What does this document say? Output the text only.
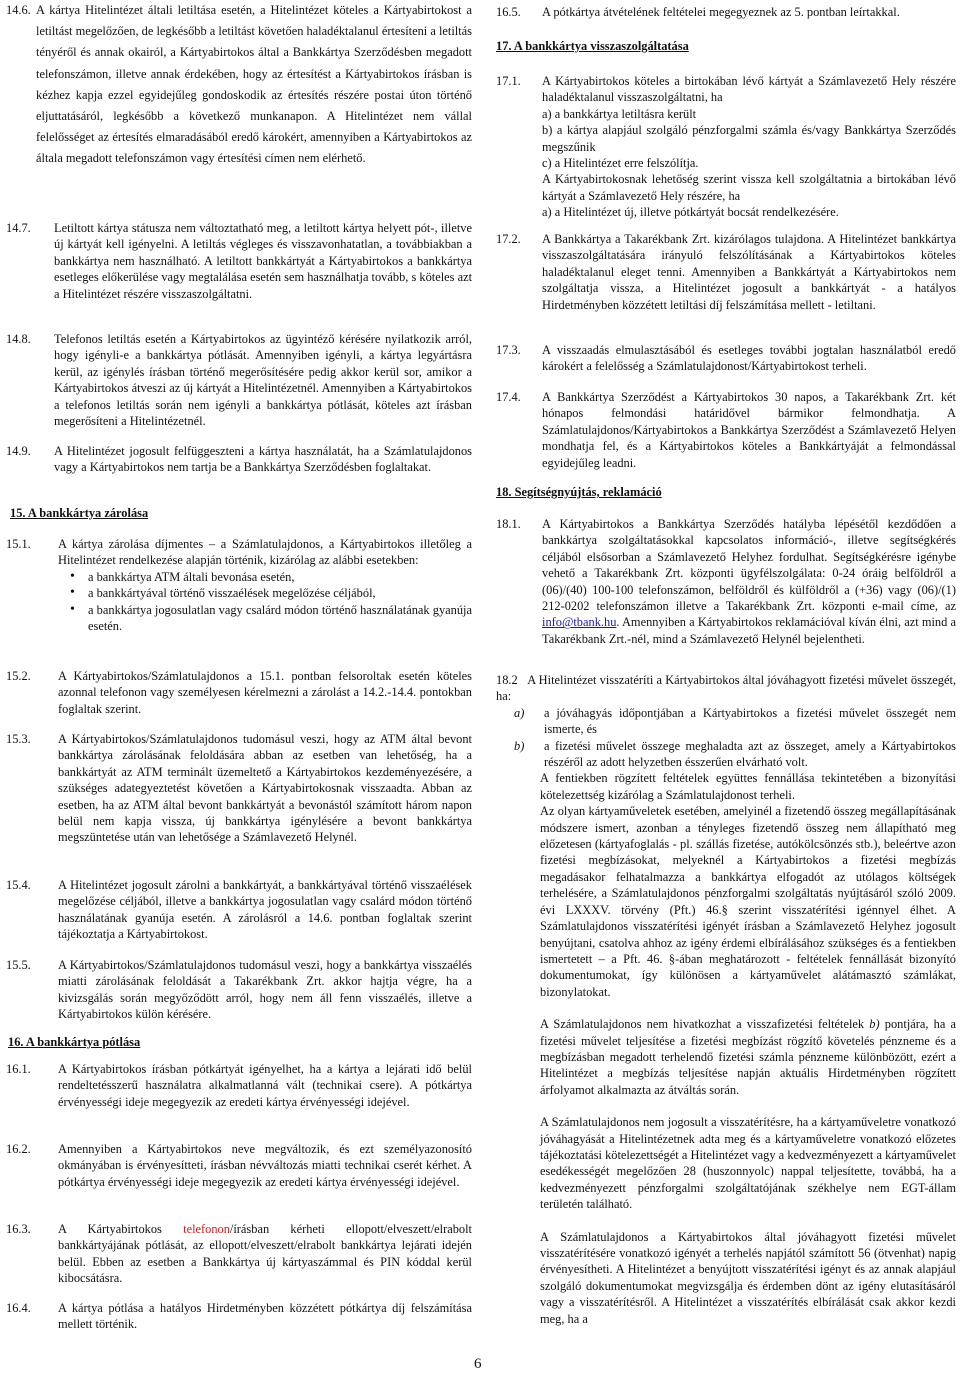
14.6. A kártya Hitelintézet általi letiltása esetén, a Hitelintézet köteles a Kártyabirtokost a letiltást megelőzően, de legkésőbb a letiltást követően haladéktalanul értesíteni a letiltás tényéről és annak okairól, a Kártyabirtokos által a Bankkártya Szerződésben megadott telefonszámon, illetve annak érdekében, hogy az értesítést a Kártyabirtokos írásban is kézhez kapja ezzel egyidejűleg gondoskodik az értesítés részére postai úton történő eljuttatásáról, legkésőbb a következő munkanapon. A Hitelintézet nem vállal felelősséget az értesítés elmaradásából eredő károkért, amennyiben a Kártyabirtokos az általa megadott telefonszámon vagy értesítési címen nem elérhető.
14.7.	Letiltott kártya státusza nem változtatható meg, a letiltott kártya helyett pót-, illetve új kártyát kell igényelni. A letiltás végleges és visszavonhatatlan, a továbbiakban a bankkártya nem használható. A letiltott bankkártyát a Kártyabirtokos a bankkártya esetleges előkerülése vagy megtalálása esetén sem használhatja tovább, s köteles azt a Hitelintézet részére visszaszolgáltatni.
14.8.	Telefonos letiltás esetén a Kártyabirtokos az ügyintéző kérésére nyilatkozik arról, hogy igényli-e a bankkártya pótlását. Amennyiben igényli, a kártya legyártásra kerül, az igénylés írásban történő megerősítésére pedig akkor kerül sor, amikor a Kártyabirtokos átveszi az új kártyát a Hitelintézetnél. Amennyiben a Kártyabirtokos a telefonos letiltás során nem igényli a bankkártya pótlását, köteles azt írásban megerősíteni a Hitelintézetnél.
14.9.	A Hitelintézet jogosult felfüggeszteni a kártya használatát, ha a Számlatulajdonos vagy a Kártyabirtokos nem tartja be a Bankkártya Szerződésben foglaltakat.
15. A bankkártya zárolása
15.1.	A kártya zárolása díjmentes – a Számlatulajdonos, a Kártyabirtokos illetőleg a Hitelintézet rendelkezése alapján történik, kizárólag az alábbi esetekben:
• a bankkártya ATM általi bevonása esetén,
• a bankkártyával történő visszaélések megelőzése céljából,
• a bankkártya jogosulatlan vagy csalárd módon történő használatának gyanúja esetén.
15.2.	A Kártyabirtokos/Számlatulajdonos a 15.1. pontban felsoroltak esetén köteles azonnal telefonon vagy személyesen kérelmezni a zárolást a 14.2.-14.4. pontokban foglaltak szerint.
15.3.	A Kártyabirtokos/Számlatulajdonos tudomásul veszi, hogy az ATM által bevont bankkártya zárolásának feloldására abban az esetben van lehetőség, ha a bankkártyát az ATM terminált üzemeltető a Kártyabirtokos kezdeményezésére, a szükséges adategyeztetést követően a Kártyabirtokosnak visszaadta. Abban az esetben, ha az ATM által bevont bankkártyát a bevonástól számított három napon belül nem kapja vissza, új bankkártya igénylésére a bevont bankkártya megszüntetése után van lehetősége a Számlavezető Helynél.
15.4.	A Hitelintézet jogosult zárolni a bankkártyát, a bankkártyával történő visszaélések megelőzése céljából, illetve a bankkártya jogosulatlan vagy csalárd módon történő használatának gyanúja esetén. A zárolásról a 14.6. pontban foglaltak szerint tájékoztatja a Kártyabirtokost.
15.5.	A Kártyabirtokos/Számlatulajdonos tudomásul veszi, hogy a bankkártya visszaélés miatti zárolásának feloldását a Takarékbank Zrt. akkor hajtja végre, ha a kivizsgálás során megyőződött arról, hogy nem áll fenn visszaélés, illetve a Kártyabirtokos külön kérésére.
16. A bankkártya pótlása
16.1.	A Kártyabirtokos írásban pótkártyát igényelhet, ha a kártya a lejárati idő belül rendeltetésszerű használatra alkalmatlanná vált (technikai csere). A pótkártya érvényességi ideje megegyezik az eredeti kártya érvényességi idejével.
16.2.	Amennyiben a Kártyabirtokos neve megváltozik, és ezt személyazonosító okmányában is érvényesítteti, írásban névváltozás miatti technikai cserét kérhet. A pótkártya érvényességi ideje megegyezik az eredeti kártya érvényességi idejével.
16.3.	A Kártyabirtokos telefonon/írásban kérheti ellopott/elveszett/elrabolt bankkártyájának pótlását, az ellopott/elveszett/elrabolt bankkártya lejárati idején belül. Ebben az esetben a Bankkártya új kártyaszámmal és PIN kóddal kerül kibocsátásra.
16.4.	A kártya pótlása a hatályos Hirdetményben közzétett pótkártya díj felszámítása mellett történik.
16.5.	A pótkártya átvételének feltételei megegyeznek az 5. pontban leírtakkal.
17. A bankkártya visszaszolgáltatása
17.1.	A Kártyabirtokos köteles a birtokában lévő kártyát a Számlavezető Hely részére haladéktalanul visszaszolgáltatni, ha
a) a bankkártya letiltásra került
b) a kártya alapjául szolgáló pénzforgalmi számla és/vagy Bankkártya Szerződés megszűnik
c) a Hitelintézet erre felszólítja.
A Kártyabirtokosnak lehetőség szerint vissza kell szolgáltatnia a birtokában lévő kártyát a Számlavezető Hely részére, ha
a) a Hitelintézet új, illetve pótkártyát bocsát rendelkezésére.
17.2.	A Bankkártya a Takarékbank Zrt. kizárólagos tulajdona. A Hitelintézet bankkártya visszaszolgáltatására irányuló felszólításának a Kártyabirtokos köteles haladéktalanul eleget tenni. Amennyiben a Bankkártyát a Kártyabirtokos nem szolgáltatja vissza, a Hitelintézet jogosult a bankkártyát - a hatályos Hirdetményben közzétett letiltási díj felszámítása mellett - letiltani.
17.3.	A visszaadás elmulasztásából és esetleges további jogtalan használatból eredő károkért a felelősség a Számlatulajdonost/Kártyabirtokost terheli.
17.4.	A Bankkártya Szerződést a Kártyabirtokos 30 napos, a Takarékbank Zrt. két hónapos felmondási határidővel bármikor felmondhatja. A Számlatulajdonos/Kártyabirtokos a Bankkártya Szerződést a Számlavezető Helyen mondhatja fel, és a Kártyabirtokos köteles a Bankkártyáját a felmondással egyidejűleg leadni.
18. Segítségnyújtás, reklamáció
18.1.	A Kártyabirtokos a Bankkártya Szerződés hatályba lépésétől kezdődően a bankkártya szolgáltatásokkal kapcsolatos információ-, illetve segítségkérés céljából elsősorban a Számlavezető Helyhez fordulhat. Segítségkérésre igénybe vehető a Takarékbank Zrt. központi ügyfélszolgálata: 0-24 óráig belföldről a (06)/(40) 100-100 telefonszámon, belföldről és külföldről a (+36) vagy (06)/(1) 212-0202 telefonszámon illetve a Takarékbank Zrt. központi e-mail címe, az info@tbank.hu. Amennyiben a Kártyabirtokos reklamációval kíván élni, azt mind a Takarékbank Zrt.-nél, mind a Számlavezető Helynél bejelentheti.
18.2 A Hitelintézet visszatéríti a Kártyabirtokos által jóváhagyott fizetési művelet összegét, ha:
a)	a jóváhagyás időpontjában a Kártyabirtokos a fizetési művelet összegét nem ismerte, és
b)	a fizetési művelet összege meghaladta azt az összeget, amely a Kártyabirtokos részéről az adott helyzetben ésszerűen elvárható volt.
A fentiekben rögzített feltételek együttes fennállása tekintetében a bizonyítási kötelezettség kizárólag a Számlatulajdonost terheli.
Az olyan kártyaműveletek esetében, amelyinél a fizetendő összeg megállapításának módszere ismert, azonban a tényleges fizetendő összeg nem állapítható meg előzetesen (kártyafoglalás - pl. szállás fizetése, autókölcsönzés stb.), beleértve azon fizetési megbízásokat, melyeknél a Kártyabirtokos a fizetési megbízás megadásakor felhatalmazza a bankkártya elfogadót az utólagos költségek terhelésére, a Számlatulajdonos pénzforgalmi szolgáltatás nyújtásáról szóló 2009. évi LXXXV. törvény (Pft.) 46.§ szerint visszatérítési igénnyel élhet. A Számlatulajdonos visszatérítési igényét írásban a Számlavezető Helyhez jogosult benyújtani, csatolva ahhoz az igény érdemi elbírálásához szükséges és a fentiekben ismertetett – a Pft. 46. §-ában meghatározott - feltételek fennállását bizonyító dokumentumokat, így különösen a kártyaművelet alátámasztó számlákat, bizonylatokat.
A Számlatulajdonos nem hivatkozhat a visszafizetési feltételek b) pontjára, ha a fizetési művelet teljesítése a fizetési megbízást rögzítő követelés pénzneme és a megbízásban megadott terhelendő fizetési számla pénzneme különbözött, ezért a Hitelintézet a megbízás teljesítése napján aktuális Hirdetményben rögzített árfolyamot alkalmazta az átváltás során.
A Számlatulajdonos nem jogosult a visszatérítésre, ha a kártyaműveletre vonatkozó jóváhagyását a Hitelintézetnek adta meg és a kártyaműveletre vonatkozó előzetes tájékoztatási kötelezettségét a Hitelintézet vagy a kedvezményezett a kártyaművelet esedékességét megelőzően 28 (huszonnyolc) nappal teljesítette, továbbá, ha a kedvezményezett pénzforgalmi szolgáltatójának székhelye nem EGT-állam területén található.
A Számlatulajdonos a Kártyabirtokos által jóváhagyott fizetési művelet visszatérítésére vonatkozó igényét a terhelés napjától számított 56 (ötvenhat) napig érvényesítheti. A Hitelintézet a benyújtott visszatérítési igényt és az annak alapjául szolgáló dokumentumokat megvizsgálja és érdemben dönt az igény elutasításáról vagy a visszatérítésről. A Hitelintézet a visszatérítés elbírálását csak akkor kezdi meg, ha a
6
